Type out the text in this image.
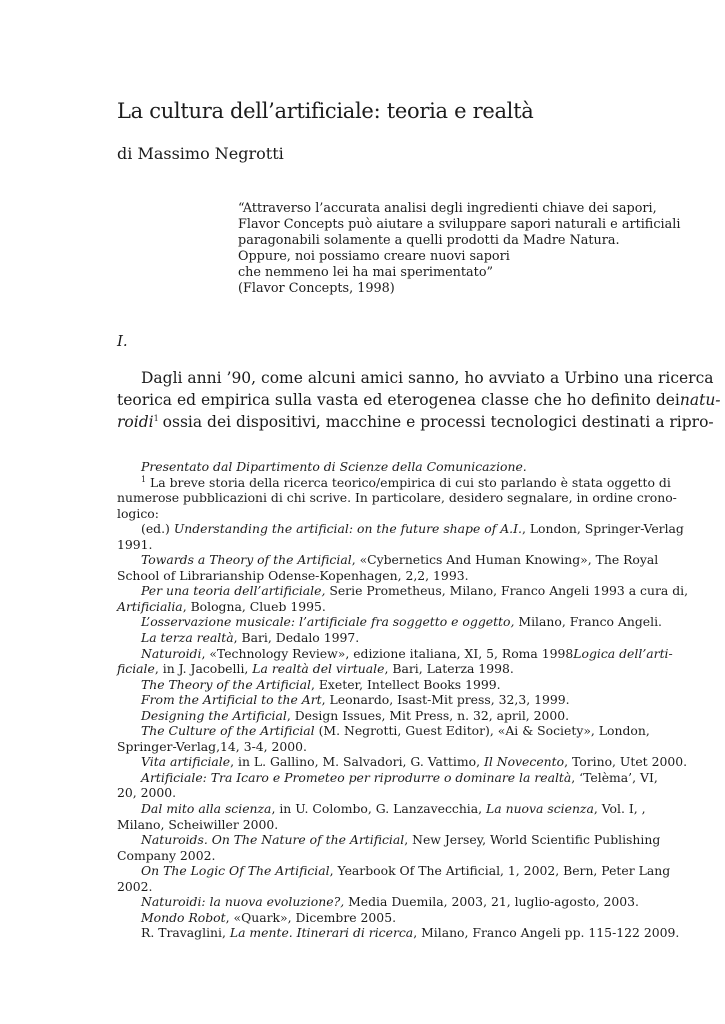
La cultura dell’artificiale: teoria e realtà

di Massimo Negrotti

“Attraverso l’accurata analisi degli ingredienti chiave dei sapori,
Flavor Concepts può aiutare a sviluppare sapori naturali e artificiali
paragonabili solamente a quelli prodotti da Madre Natura.
Oppure, noi possiamo creare nuovi sapori
che nemmeno lei ha mai sperimentato”
(Flavor Concepts, 1998)
I.
Dagli anni ’90, come alcuni amici sanno, ho avviato a Urbino una ricerca
teorica ed empirica sulla vasta ed eterogenea classe che ho definito dei natu-
roidi$^1$ ossia dei dispositivi, macchine e processi tecnologici destinati a ripro-
Presentato dal Dipartimento di Scienze della Comunicazione.
$^1$ La breve storia della ricerca teorico/empirica di cui sto parlando è stata oggetto di
numerose pubblicazioni di chi scrive. In particolare, desidero segnalare, in ordine crono-
logico:
(ed.) Understanding the artificial: on the future shape of A.I., London, Springer-Verlag
1991.
Towards a Theory of the Artificial, «Cybernetics And Human Knowing», The Royal
School of Librarianship Odense-Kopenhagen, 2,2, 1993.
Per una teoria dell’artificiale, Serie Prometheus, Milano, Franco Angeli 1993 a cura di,
Artificialia, Bologna, Clueb 1995.
L’osservazione musicale: l’artificiale fra soggetto e oggetto, Milano, Franco Angeli.
La terza realtà, Bari, Dedalo 1997.
Naturoidi, «Technology Review», edizione italiana, XI, 5, Roma 1998Logica dell’arti-
ficiale, in J. Jacobelli, La realtà del virtuale, Bari, Laterza 1998.
The Theory of the Artificial, Exeter, Intellect Books 1999.
From the Artificial to the Art, Leonardo, Isast-Mit press, 32,3, 1999.
Designing the Artificial, Design Issues, Mit Press, n. 32, april, 2000.
The Culture of the Artificial (M. Negrotti, Guest Editor), «Ai & Society», London,
Springer-Verlag,14, 3-4, 2000.
Vita artificiale, in L. Gallino, M. Salvadori, G. Vattimo, Il Novecento, Torino, Utet 2000.
Artificiale: Tra Icaro e Prometeo per riprodurre o dominare la realtà, ‘Telèma’, VI,
20, 2000.
Dal mito alla scienza, in U. Colombo, G. Lanzavecchia, La nuova scienza, Vol. I, ,
Milano, Scheiwiller 2000.
Naturoids. On The Nature of the Artificial, New Jersey, World Scientific Publishing
Company 2002.
On The Logic Of The Artificial, Yearbook Of The Artificial, 1, 2002, Bern, Peter Lang
2002.
Naturoidi: la nuova evoluzione?, Media Duemila, 2003, 21, luglio-agosto, 2003.
Mondo Robot, «Quark», Dicembre 2005.
R. Travaglini, La mente. Itinerari di ricerca, Milano, Franco Angeli pp. 115-122 2009.
